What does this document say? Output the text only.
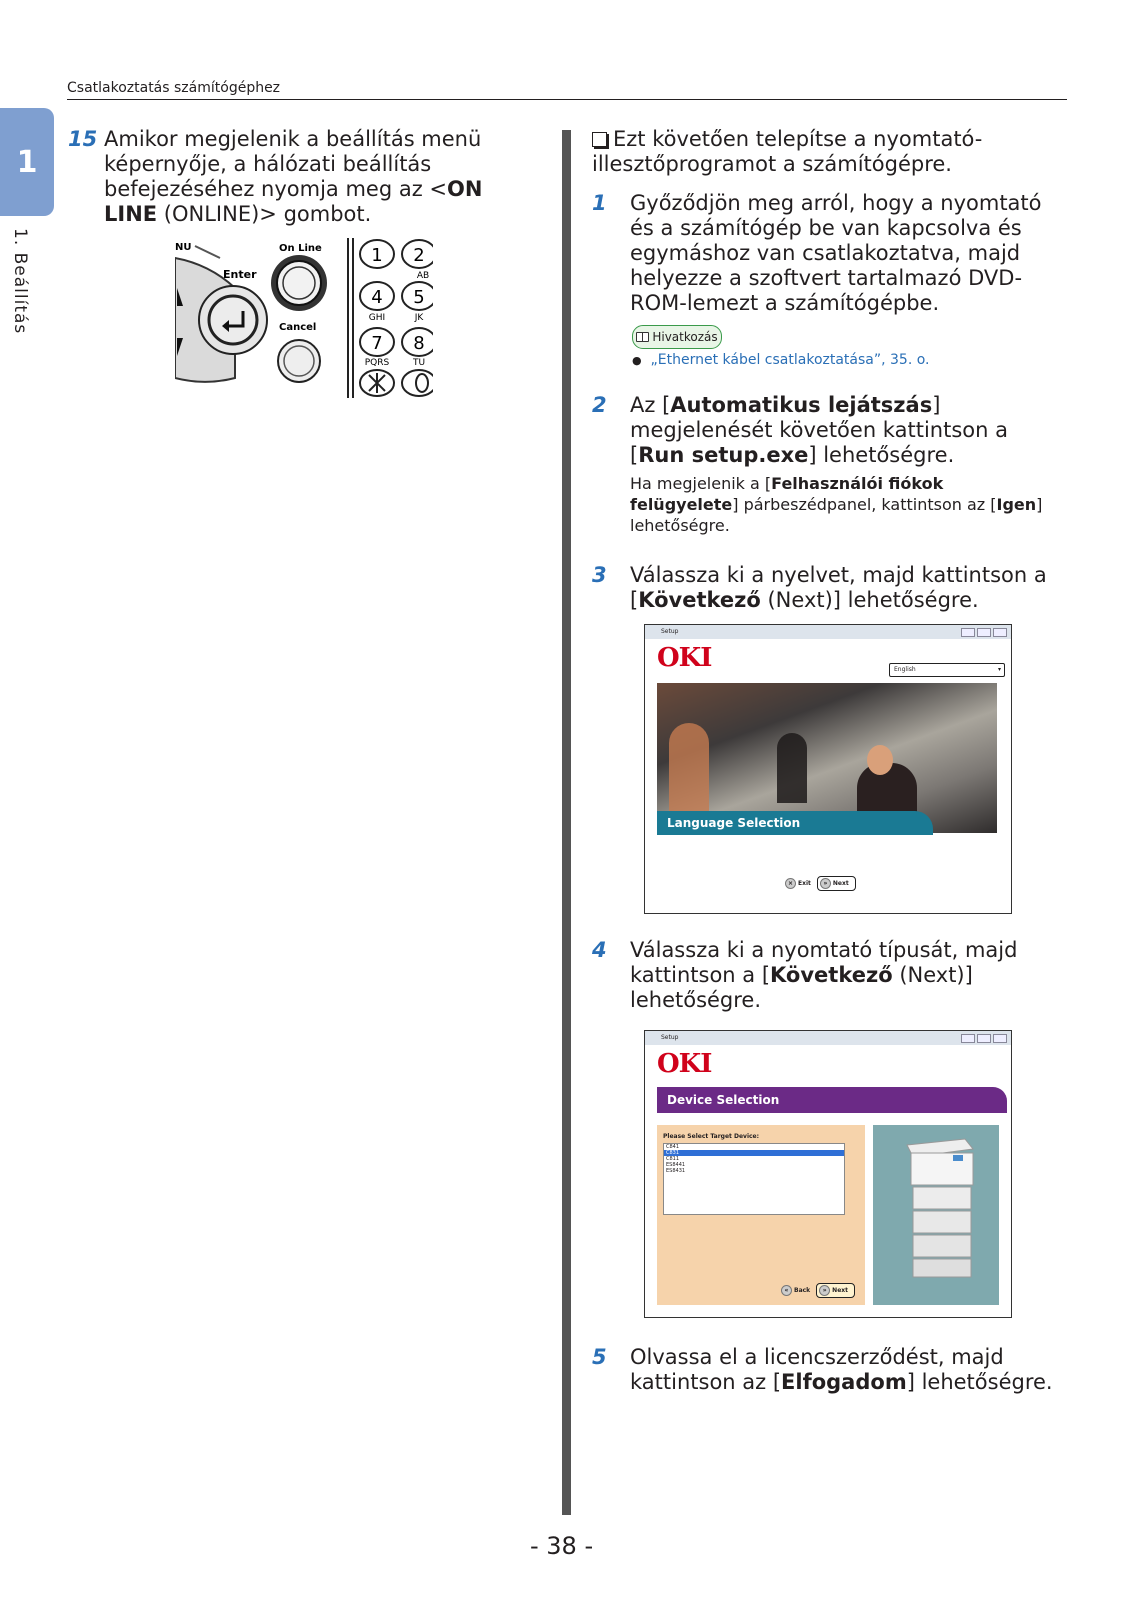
Csatlakoztatás számítógéphez
1
1. Beállítás
15 Amikor megjelenik a beállítás menü képernyője, a hálózati beállítás befejezéséhez nyomja meg az <ON LINE (ONLINE)> gombot.
NU
Enter
On Line
Cancel
1 2
AB
4
GHI
5
JK
7
PQRS
8
TU
Ezt követően telepítse a nyomtató-illesztőprogramot a számítógépre.
1 Győződjön meg arról, hogy a nyomtató és a számítógép be van kapcsolva és egymáshoz van csatlakoztatva, majd helyezze a szoftvert tartalmazó DVD-ROM-lemezt a számítógépbe.
Hivatkozás
● „Ethernet kábel csatlakoztatása”, 35. o.
2 Az [Automatikus lejátszás] megjelenését követően kattintson a [Run setup.exe] lehetőségre.
Ha megjelenik a [Felhasználói fiókok felügyelete] párbeszédpanel, kattintson az [Igen] lehetőségre.
3 Válassza ki a nyelvet, majd kattintson a [Következő (Next)] lehetőségre.
Setup
OKI	English	▾
Language Selection
× Exit	» Next
4 Válassza ki a nyomtató típusát, majd kattintson a [Következő (Next)] lehetőségre.
Setup
OKI
Device Selection
Please Select Target Device:
C841
C831
C811
ES8441
ES8431
« Back	» Next
5 Olvassa el a licencszerződést, majd kattintson az [Elfogadom] lehetőségre.
- 38 -
